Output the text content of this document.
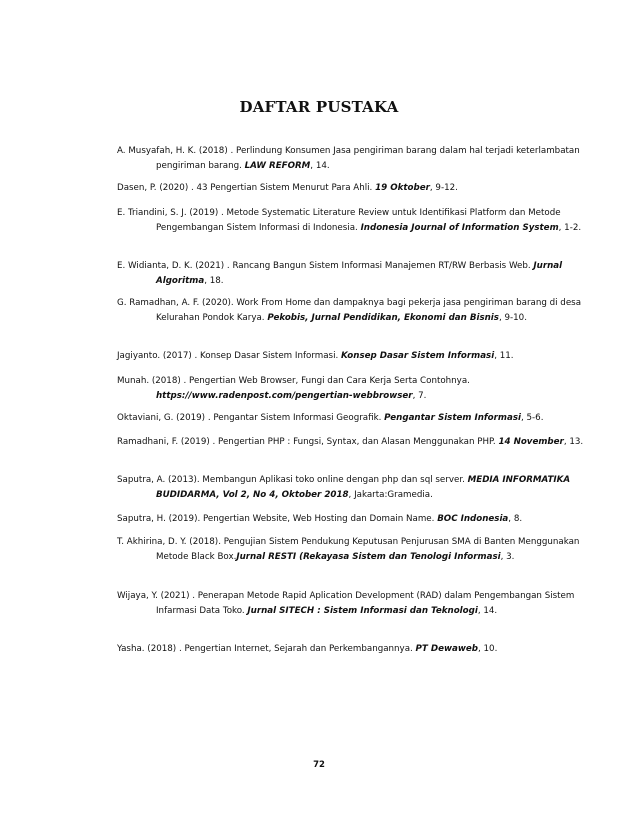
DAFTAR PUSTAKA

A. Musyafah, H. K. (2018) . Perlindung Konsumen Jasa pengiriman barang dalam hal terjadi keterlambatan pengiriman barang. LAW REFORM, 14.

Dasen, P. (2020) . 43 Pengertian Sistem Menurut Para Ahli. 19 Oktober, 9-12.

E. Triandini, S. J. (2019) . Metode Systematic Literature Review untuk Identifikasi Platform dan Metode Pengembangan Sistem Informasi di Indonesia. Indonesia Journal of Information System, 1-2.

E. Widianta, D. K. (2021) . Rancang Bangun Sistem Informasi Manajemen RT/RW Berbasis Web. Jurnal Algoritma, 18.

G. Ramadhan, A. F. (2020). Work From Home dan dampaknya bagi pekerja jasa pengiriman barang di desa Kelurahan Pondok Karya. Pekobis, Jurnal Pendidikan, Ekonomi dan Bisnis, 9-10.

Jagiyanto. (2017) . Konsep Dasar Sistem Informasi. Konsep Dasar Sistem Informasi, 11.

Munah. (2018) . Pengertian Web Browser, Fungi dan Cara Kerja Serta Contohnya. https://www.radenpost.com/pengertian-webbrowser, 7.

Oktaviani, G. (2019) . Pengantar Sistem Informasi Geografik. Pengantar Sistem Informasi, 5-6.

Ramadhani, F. (2019) . Pengertian PHP : Fungsi, Syntax, dan Alasan Menggunakan PHP. 14 November, 13.

Saputra, A. (2013). Membangun Aplikasi toko online dengan php dan sql server. MEDIA INFORMATIKA BUDIDARMA, Vol 2, No 4, Oktober 2018, Jakarta:Gramedia.

Saputra, H. (2019). Pengertian Website, Web Hosting dan Domain Name. BOC Indonesia, 8.

T. Akhirina, D. Y. (2018). Pengujian Sistem Pendukung Keputusan Penjurusan SMA di Banten Menggunakan Metode Black Box.Jurnal RESTI (Rekayasa Sistem dan Tenologi Informasi, 3.

Wijaya, Y. (2021) . Penerapan Metode Rapid Aplication Development (RAD) dalam Pengembangan Sistem Infarmasi Data Toko. Jurnal SITECH : Sistem Informasi dan Teknologi, 14.

Yasha. (2018) . Pengertian Internet, Sejarah dan Perkembangannya. PT Dewaweb, 10.

72
